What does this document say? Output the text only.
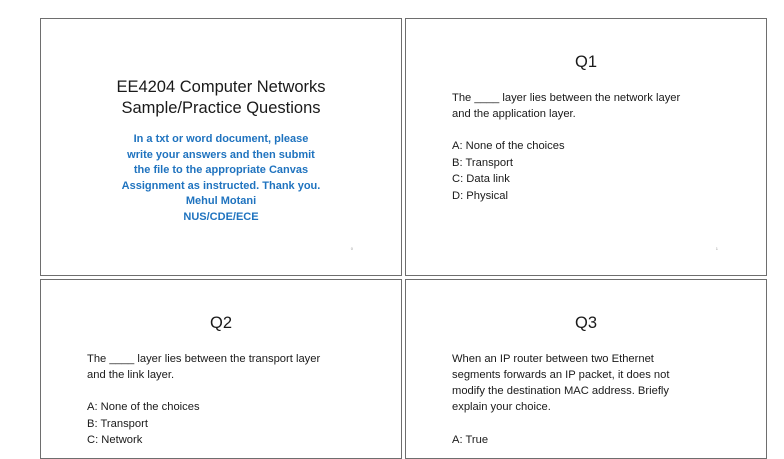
EE4204 Computer Networks
Sample/Practice Questions
In a txt or word document, please
write your answers and then submit
the file to the appropriate Canvas
Assignment as instructed. Thank you.
Mehul Motani
NUS/CDE/ECE
0
Q1
The ____ layer lies between the network layer
and the application layer.
A: None of the choices
B: Transport
C: Data link
D: Physical
1
Q2
The ____ layer lies between the transport layer
and the link layer.
A: None of the choices
B: Transport
C: Network
Q3
When an IP router between two Ethernet
segments forwards an IP packet, it does not
modify the destination MAC address. Briefly
explain your choice.
A: True
